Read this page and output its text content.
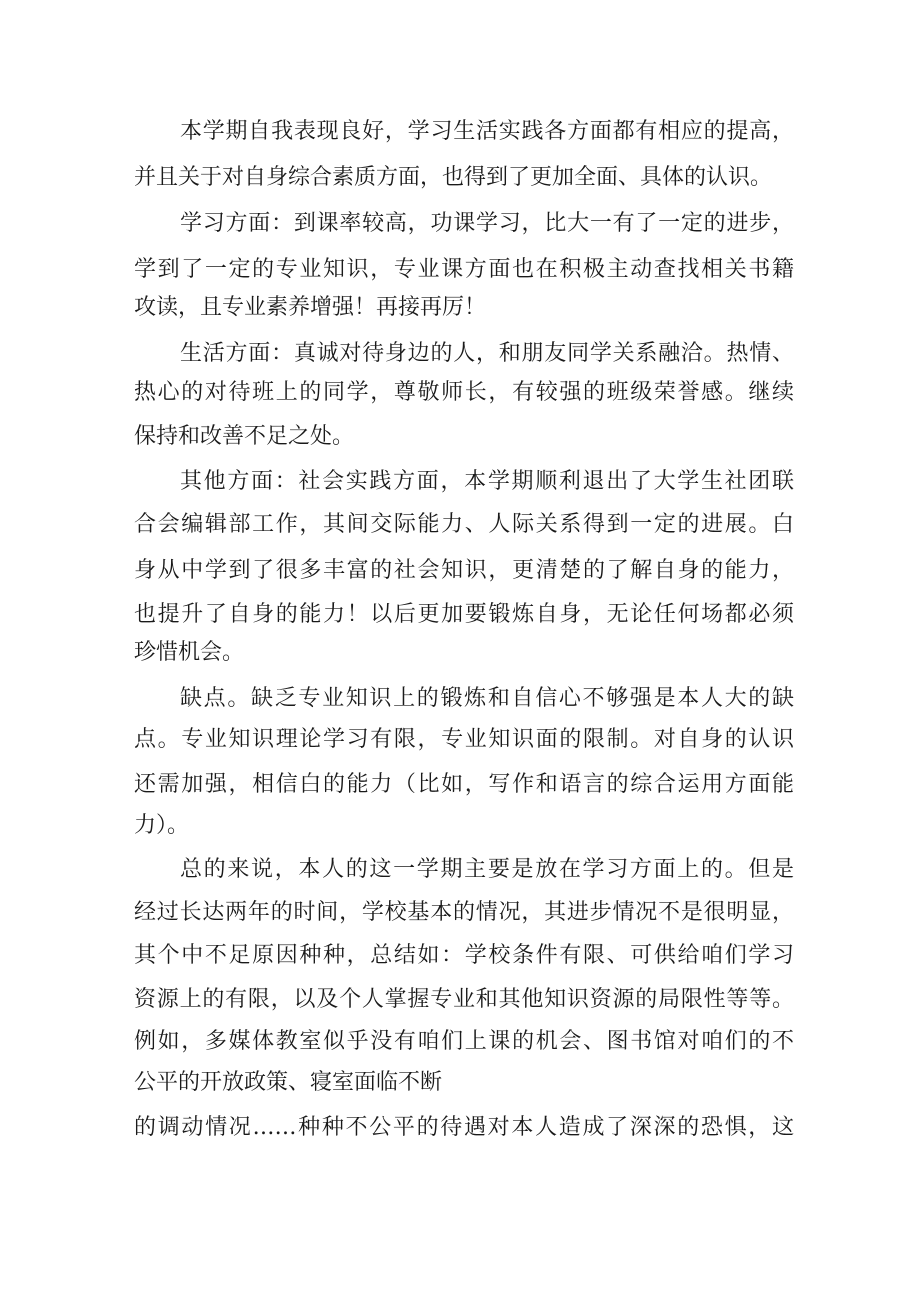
本学期自我表现良好，学习生活实践各方面都有相应的提高，
并且关于对自身综合素质方面，也得到了更加全面、具体的认识。
学习方面：到课率较高，功课学习，比大一有了一定的进步，
学到了一定的专业知识，专业课方面也在积极主动查找相关书籍
攻读，且专业素养增强！再接再厉！
生活方面：真诚对待身边的人，和朋友同学关系融洽。热情、
热心的对待班上的同学，尊敬师长，有较强的班级荣誉感。继续
保持和改善不足之处。
其他方面：社会实践方面，本学期顺利退出了大学生社团联
合会编辑部工作，其间交际能力、人际关系得到一定的进展。白
身从中学到了很多丰富的社会知识，更清楚的了解自身的能力，
也提升了自身的能力！以后更加要锻炼自身，无论任何场都必须
珍惜机会。
缺点。缺乏专业知识上的锻炼和自信心不够强是本人大的缺
点。专业知识理论学习有限，专业知识面的限制。对自身的认识
还需加强，相信白的能力（比如，写作和语言的综合运用方面能
力）。
总的来说，本人的这一学期主要是放在学习方面上的。但是
经过长达两年的时间，学校基本的情况，其进步情况不是很明显，
其个中不足原因种种，总结如：学校条件有限、可供给咱们学习
资源上的有限，以及个人掌握专业和其他知识资源的局限性等等。
例如，多媒体教室似乎没有咱们上课的机会、图书馆对咱们的不
公平的开放政策、寝室面临不断
的调动情况……种种不公平的待遇对本人造成了深深的恐惧，这
